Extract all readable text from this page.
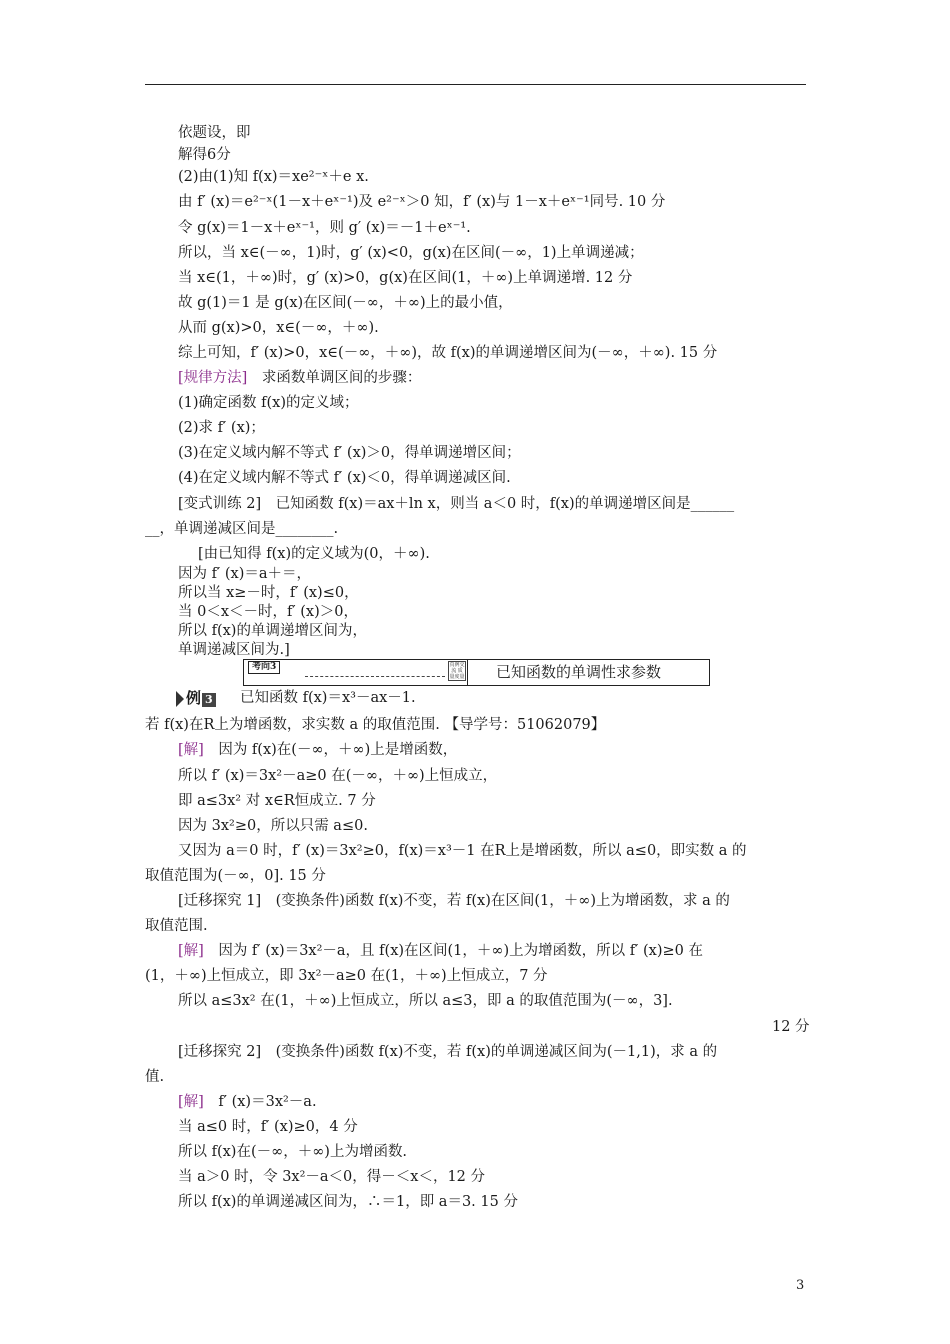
依题设，即
解得6分
(2)由(1)知 f(x)＝xe²⁻ˣ＋e x.
由 f′ (x)＝e²⁻ˣ(1－x＋eˣ⁻¹)及 e²⁻ˣ＞0 知，f′ (x)与 1－x＋eˣ⁻¹同号. 10 分
令 g(x)＝1－x＋eˣ⁻¹，则 g′ (x)＝－1＋eˣ⁻¹.
所以，当 x∈(－∞，1)时，g′ (x)<0，g(x)在区间(－∞，1)上单调递减；
当 x∈(1，＋∞)时，g′ (x)>0，g(x)在区间(1，＋∞)上单调递增. 12 分
故 g(1)＝1 是 g(x)在区间(－∞，＋∞)上的最小值，
从而 g(x)>0，x∈(－∞，＋∞).
综上可知，f′ (x)>0，x∈(－∞，＋∞)，故 f(x)的单调递增区间为(－∞，＋∞). 15 分
[规律方法]　 求函数单调区间的步骤：
(1)确定函数 f(x)的定义域；
(2)求 f′ (x)；
(3)在定义域内解不等式 f′ (x)＞0，得单调递增区间；
(4)在定义域内解不等式 f′ (x)＜0，得单调递减区间.
[变式训练 2]　已知函数 f(x)＝ax＋ln x，则当 a＜0 时，f(x)的单调递增区间是______
__，单调递减区间是________.
[由已知得 f(x)的定义域为(0，＋∞).
因为 f′ (x)＝a＋＝，
所以当 x≥－时，f′ (x)≤0，
当 0＜x＜－时，f′ (x)＞0，
所以 f(x)的单调递增区间为，
单调递减区间为.]
考向3	真例交流 质量度量 已知函数的单调性求参数
例 3 已知函数 f(x)＝x³－ax－1.
若 f(x)在R上为增函数，求实数 a 的取值范围. 【导学号：51062079】
[解]　因为 f(x)在(－∞，＋∞)上是增函数，
所以 f′ (x)＝3x²－a≥0 在(－∞，＋∞)上恒成立，
即 a≤3x² 对 x∈R恒成立. 7 分
因为 3x²≥0，所以只需 a≤0.
又因为 a＝0 时，f′ (x)＝3x²≥0，f(x)＝x³－1 在R上是增函数，所以 a≤0，即实数 a 的
取值范围为(－∞，0]. 15 分
[迁移探究 1]　(变换条件)函数 f(x)不变，若 f(x)在区间(1，＋∞)上为增函数，求 a 的
取值范围.
[解]　因为 f′ (x)＝3x²－a，且 f(x)在区间(1，＋∞)上为增函数，所以 f′ (x)≥0 在
(1，＋∞)上恒成立，即 3x²－a≥0 在(1，＋∞)上恒成立，7 分
所以 a≤3x² 在(1，＋∞)上恒成立，所以 a≤3，即 a 的取值范围为(－∞，3].
12 分
[迁移探究 2]　(变换条件)函数 f(x)不变，若 f(x)的单调递减区间为(－1,1)，求 a 的
值.
[解]　f′ (x)＝3x²－a.
当 a≤0 时，f′ (x)≥0，4 分
所以 f(x)在(－∞，＋∞)上为增函数.
当 a＞0 时，令 3x²－a＜0，得－＜x＜，12 分
所以 f(x)的单调递减区间为，∴＝1，即 a＝3. 15 分
3
